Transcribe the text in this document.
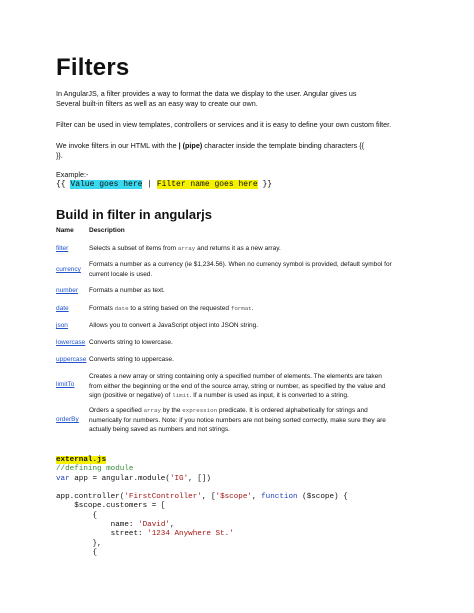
Filters
In AngularJS, a filter provides a way to format the data we display to the user. Angular gives us
Several built-in filters as well as an easy way to create our own.
Filter can be used in view templates, controllers or services and it is easy to define your own custom filter.
We invoke filters in our HTML with the | (pipe) character inside the template binding characters {{
}}.
Example:-
{{ Value goes here | Filter name goes here }}
Build in filter in angularjs
Name Description
filter	Selects a subset of items from array and returns it as a new array.
currency
Formats a number as a currency (ie $1,234.56). When no currency symbol is provided, default symbol for
current locale is used.
number Formats a number as text.
date	Formats date to a string based on the requested format.
json	Allows you to convert a JavaScript object into JSON string.
lowercase Converts string to lowercase.
uppercase Converts string to uppercase.
limitTo
Creates a new array or string containing only a specified number of elements. The elements are taken
from either the beginning or the end of the source array, string or number, as specified by the value and
sign (positive or negative) of limit. If a number is used as input, it is converted to a string.
orderBy
Orders a specified array by the expression predicate. It is ordered alphabetically for strings and
numerically for numbers. Note: if you notice numbers are not being sorted correctly, make sure they are
actually being saved as numbers and not strings.
external.js
//defining module
var app = angular.module('IG', [])

app.controller('FirstController', ['$scope', function ($scope) {
$scope.customers = [
{
name: 'David',
street: '1234 Anywhere St.'
},
{
